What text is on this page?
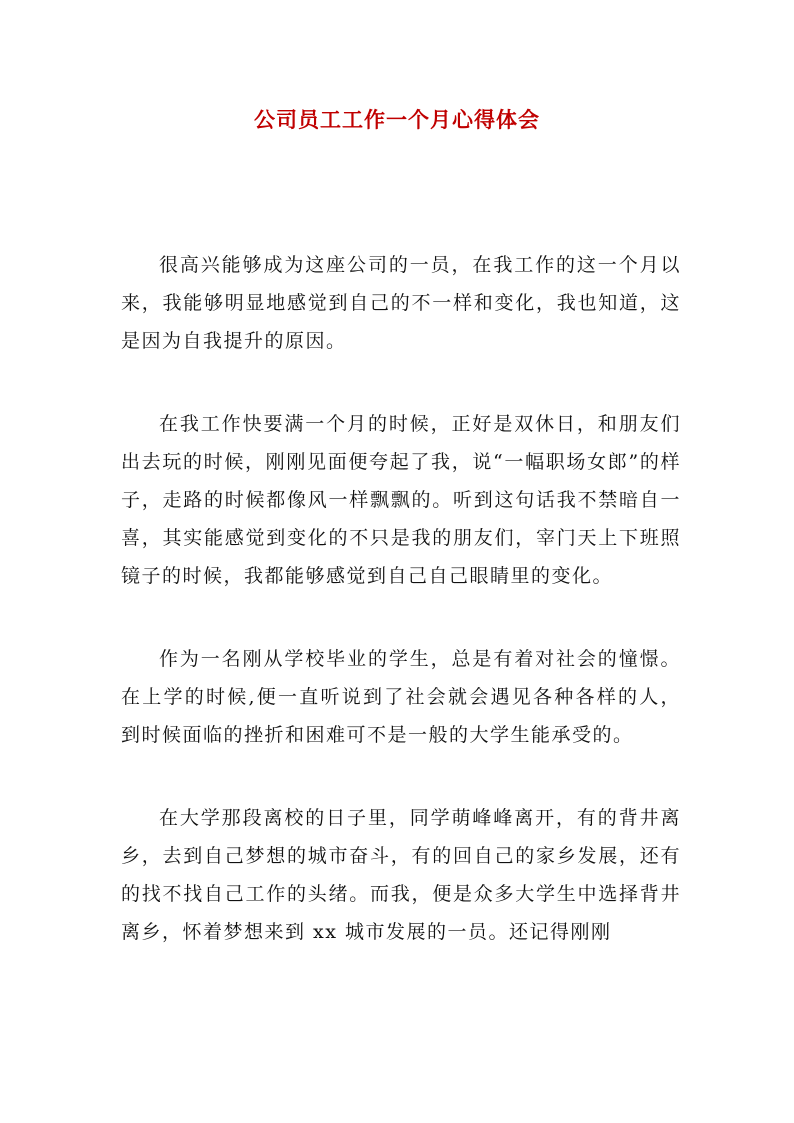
公司员工工作一个月心得体会

很高兴能够成为这座公司的一员，在我工作的这一个月以来，我能够明显地感觉到自己的不一样和变化，我也知道，这是因为自我提升的原因。

在我工作快要满一个月的时候，正好是双休日，和朋友们出去玩的时候，刚刚见面便夸起了我，说“一幅职场女郎”的样子，走路的时候都像风一样飘飘的。听到这句话我不禁暗自一喜，其实能感觉到变化的不只是我的朋友们，宰门天上下班照镜子的时候，我都能够感觉到自己自己眼睛里的变化。

作为一名刚从学校毕业的学生，总是有着对社会的憧憬。在上学的时候,便一直听说到了社会就会遇见各种各样的人，到时候面临的挫折和困难可不是一般的大学生能承受的。

在大学那段离校的日子里，同学萌峰峰离开，有的背井离乡，去到自己梦想的城市奋斗，有的回自己的家乡发展，还有的找不找自己工作的头绪。而我，便是众多大学生中选择背井离乡，怀着梦想来到 xx 城市发展的一员。还记得刚刚
